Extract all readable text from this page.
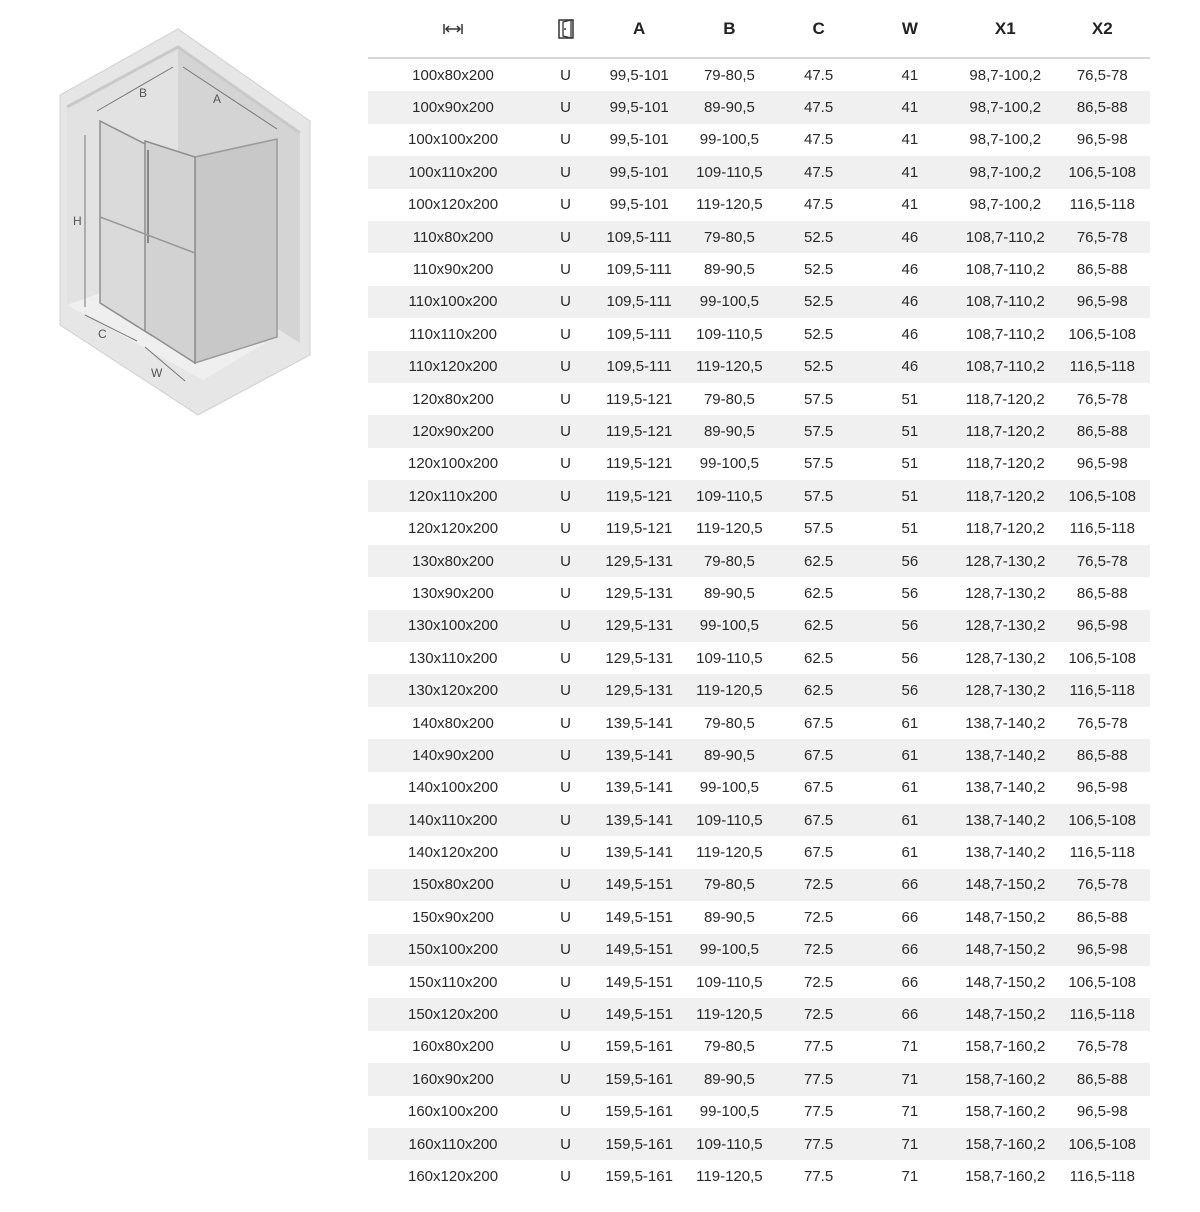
B	A
H
C
W

	A	B	C	W	X1	X2
100x80x200	U	99,5-101	79-80,5	47.5	41	98,7-100,2	76,5-78
100x90x200	U	99,5-101	89-90,5	47.5	41	98,7-100,2	86,5-88
100x100x200	U	99,5-101	99-100,5	47.5	41	98,7-100,2	96,5-98
100x110x200	U	99,5-101	109-110,5	47.5	41	98,7-100,2	106,5-108
100x120x200	U	99,5-101	119-120,5	47.5	41	98,7-100,2	116,5-118
110x80x200	U	109,5-111	79-80,5	52.5	46	108,7-110,2	76,5-78
110x90x200	U	109,5-111	89-90,5	52.5	46	108,7-110,2	86,5-88
110x100x200	U	109,5-111	99-100,5	52.5	46	108,7-110,2	96,5-98
110x110x200	U	109,5-111	109-110,5	52.5	46	108,7-110,2	106,5-108
110x120x200	U	109,5-111	119-120,5	52.5	46	108,7-110,2	116,5-118
120x80x200	U	119,5-121	79-80,5	57.5	51	118,7-120,2	76,5-78
120x90x200	U	119,5-121	89-90,5	57.5	51	118,7-120,2	86,5-88
120x100x200	U	119,5-121	99-100,5	57.5	51	118,7-120,2	96,5-98
120x110x200	U	119,5-121	109-110,5	57.5	51	118,7-120,2	106,5-108
120x120x200	U	119,5-121	119-120,5	57.5	51	118,7-120,2	116,5-118
130x80x200	U	129,5-131	79-80,5	62.5	56	128,7-130,2	76,5-78
130x90x200	U	129,5-131	89-90,5	62.5	56	128,7-130,2	86,5-88
130x100x200	U	129,5-131	99-100,5	62.5	56	128,7-130,2	96,5-98
130x110x200	U	129,5-131	109-110,5	62.5	56	128,7-130,2	106,5-108
130x120x200	U	129,5-131	119-120,5	62.5	56	128,7-130,2	116,5-118
140x80x200	U	139,5-141	79-80,5	67.5	61	138,7-140,2	76,5-78
140x90x200	U	139,5-141	89-90,5	67.5	61	138,7-140,2	86,5-88
140x100x200	U	139,5-141	99-100,5	67.5	61	138,7-140,2	96,5-98
140x110x200	U	139,5-141	109-110,5	67.5	61	138,7-140,2	106,5-108
140x120x200	U	139,5-141	119-120,5	67.5	61	138,7-140,2	116,5-118
150x80x200	U	149,5-151	79-80,5	72.5	66	148,7-150,2	76,5-78
150x90x200	U	149,5-151	89-90,5	72.5	66	148,7-150,2	86,5-88
150x100x200	U	149,5-151	99-100,5	72.5	66	148,7-150,2	96,5-98
150x110x200	U	149,5-151	109-110,5	72.5	66	148,7-150,2	106,5-108
150x120x200	U	149,5-151	119-120,5	72.5	66	148,7-150,2	116,5-118
160x80x200	U	159,5-161	79-80,5	77.5	71	158,7-160,2	76,5-78
160x90x200	U	159,5-161	89-90,5	77.5	71	158,7-160,2	86,5-88
160x100x200	U	159,5-161	99-100,5	77.5	71	158,7-160,2	96,5-98
160x110x200	U	159,5-161	109-110,5	77.5	71	158,7-160,2	106,5-108
160x120x200	U	159,5-161	119-120,5	77.5	71	158,7-160,2	116,5-118
